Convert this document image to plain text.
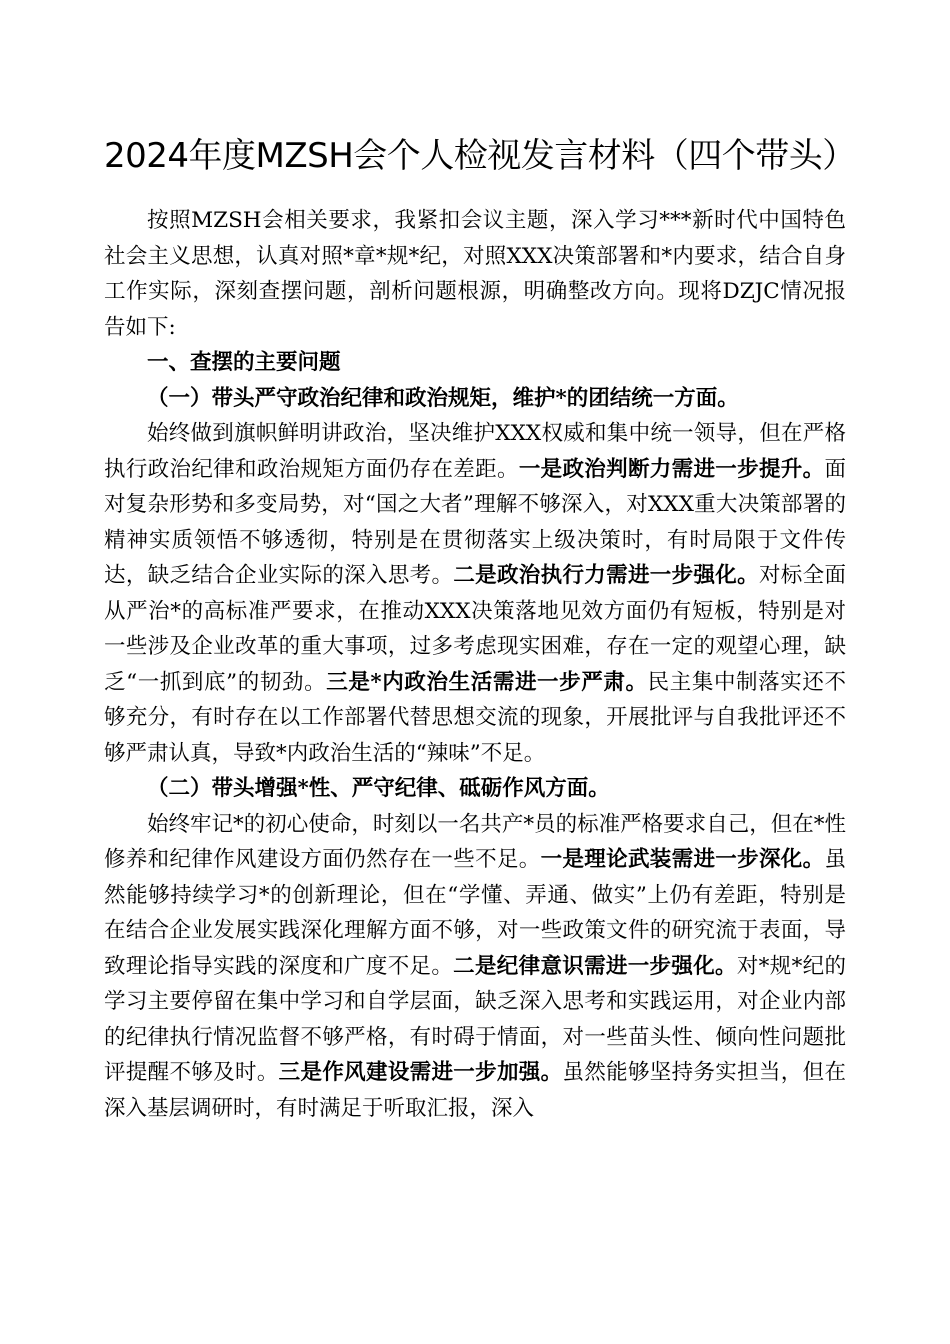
2024年度MZSH会个人检视发言材料（四个带头）

按照MZSH会相关要求，我紧扣会议主题，深入学习***新时代中国特色社会主义思想，认真对照*章*规*纪，对照XXX决策部署和*内要求，结合自身工作实际，深刻查摆问题，剖析问题根源，明确整改方向。现将DZJC情况报告如下:

一、查摆的主要问题

（一）带头严守政治纪律和政治规矩，维护*的团结统一方面。

始终做到旗帜鲜明讲政治，坚决维护XXX权威和集中统一领导，但在严格执行政治纪律和政治规矩方面仍存在差距。一是政治判断力需进一步提升。面对复杂形势和多变局势，对“国之大者”理解不够深入，对XXX重大决策部署的精神实质领悟不够透彻，特别是在贯彻落实上级决策时，有时局限于文件传达，缺乏结合企业实际的深入思考。二是政治执行力需进一步强化。对标全面从严治*的高标准严要求，在推动XXX决策落地见效方面仍有短板，特别是对一些涉及企业改革的重大事项，过多考虑现实困难，存在一定的观望心理，缺乏“一抓到底”的韧劲。三是*内政治生活需进一步严肃。民主集中制落实还不够充分，有时存在以工作部署代替思想交流的现象，开展批评与自我批评还不够严肃认真，导致*内政治生活的“辣味”不足。

（二）带头增强*性、严守纪律、砥砺作风方面。

始终牢记*的初心使命，时刻以一名共产*员的标准严格要求自己，但在*性修养和纪律作风建设方面仍然存在一些不足。一是理论武装需进一步深化。虽然能够持续学习*的创新理论，但在“学懂、弄通、做实”上仍有差距，特别是在结合企业发展实践深化理解方面不够，对一些政策文件的研究流于表面，导致理论指导实践的深度和广度不足。二是纪律意识需进一步强化。对*规*纪的学习主要停留在集中学习和自学层面，缺乏深入思考和实践运用，对企业内部的纪律执行情况监督不够严格，有时碍于情面，对一些苗头性、倾向性问题批评提醒不够及时。三是作风建设需进一步加强。虽然能够坚持务实担当，但在深入基层调研时，有时满足于听取汇报，深入
